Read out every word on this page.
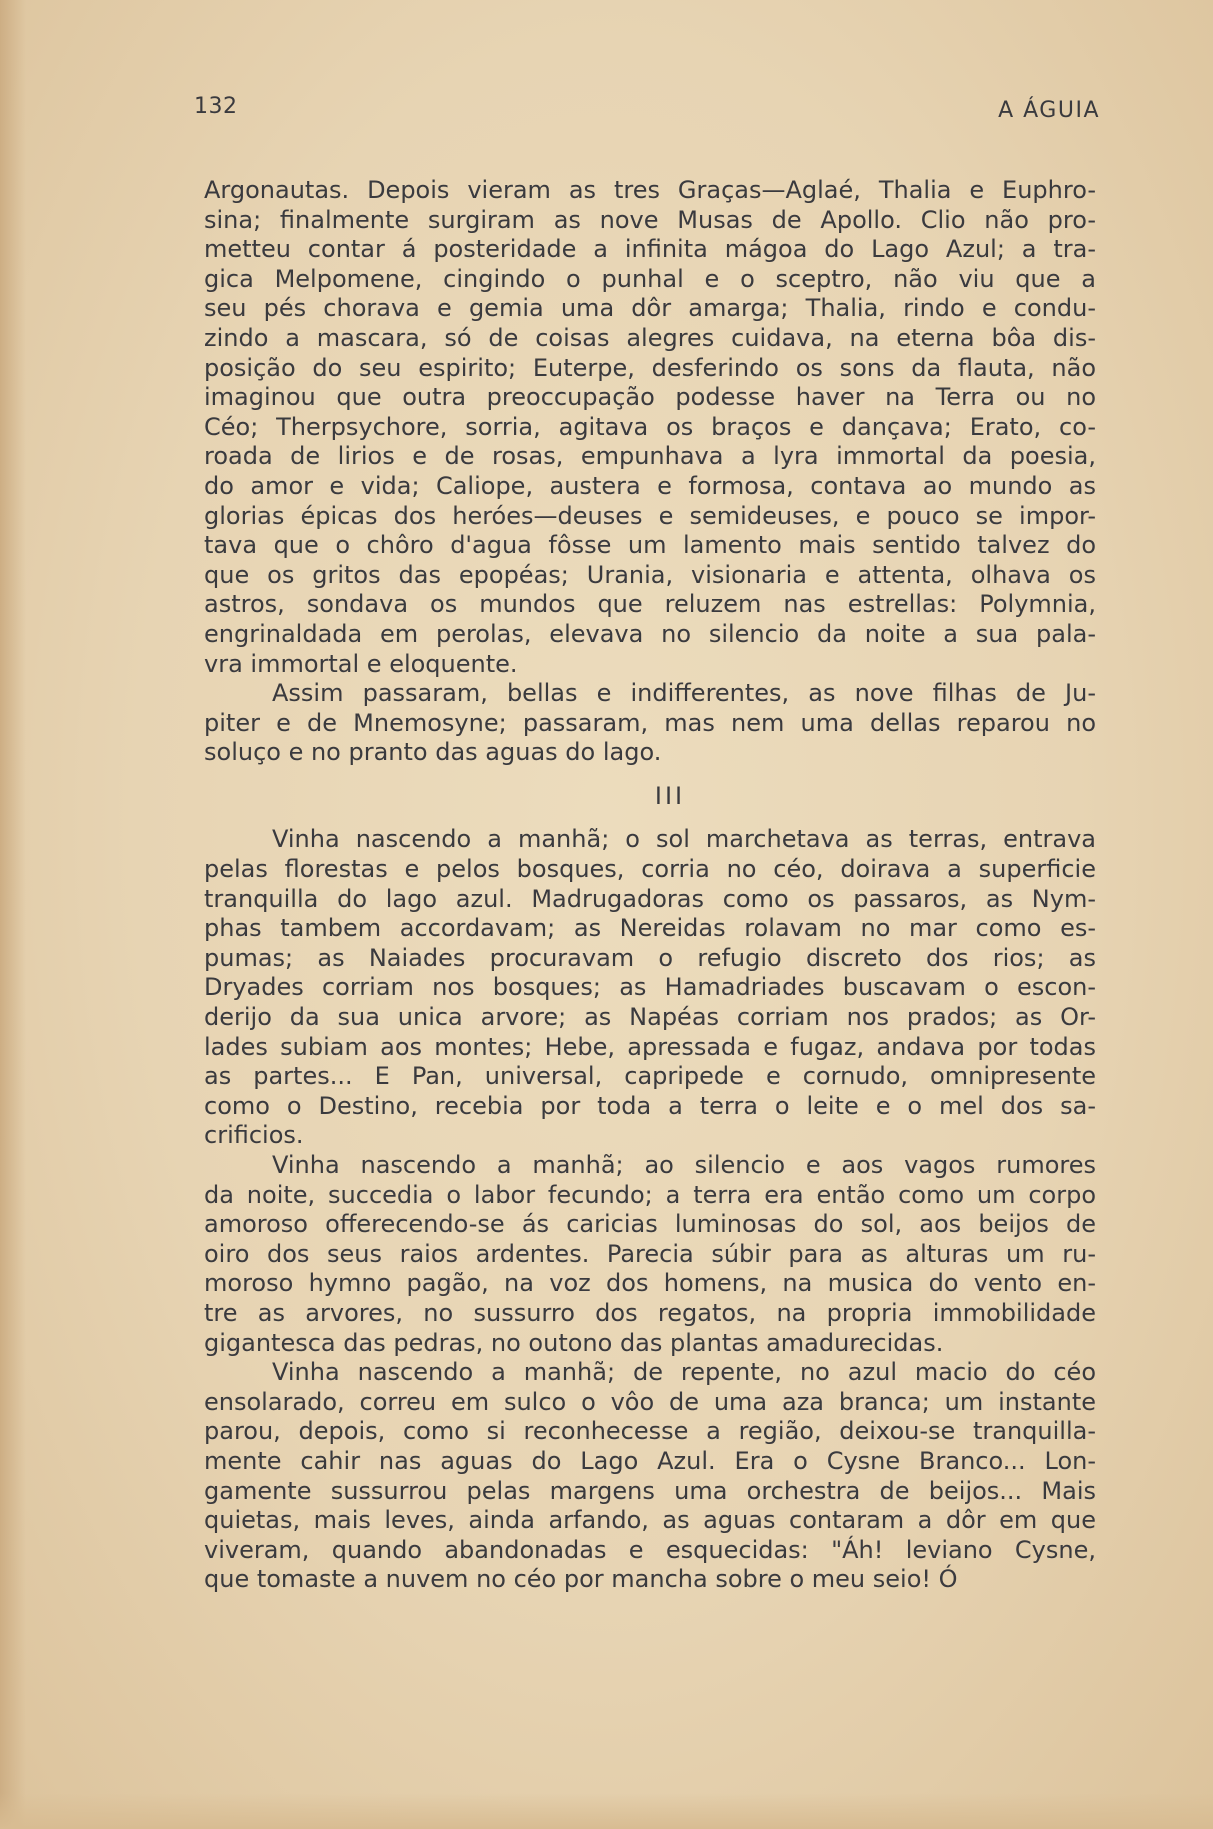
132	A ÁGUIA
Argonautas. Depois vieram as tres Graças—Aglaé, Thalia e Euphro-
sina; finalmente surgiram as nove Musas de Apollo. Clio não pro-
metteu contar á posteridade a infinita mágoa do Lago Azul; a tra-
gica Melpomene, cingindo o punhal e o sceptro, não viu que a
seu pés chorava e gemia uma dôr amarga; Thalia, rindo e condu-
zindo a mascara, só de coisas alegres cuidava, na eterna bôa dis-
posição do seu espirito; Euterpe, desferindo os sons da flauta, não
imaginou que outra preoccupação podesse haver na Terra ou no
Céo; Therpsychore, sorria, agitava os braços e dançava; Erato, co-
roada de lirios e de rosas, empunhava a lyra immortal da poesia,
do amor e vida; Caliope, austera e formosa, contava ao mundo as
glorias épicas dos heróes—deuses e semideuses, e pouco se impor-
tava que o chôro d'agua fôsse um lamento mais sentido talvez do
que os gritos das epopéas; Urania, visionaria e attenta, olhava os
astros, sondava os mundos que reluzem nas estrellas: Polymnia,
engrinaldada em perolas, elevava no silencio da noite a sua pala-
vra immortal e eloquente.
Assim passaram, bellas e indifferentes, as nove filhas de Ju-
piter e de Mnemosyne; passaram, mas nem uma dellas reparou no
soluço e no pranto das aguas do lago.
III
Vinha nascendo a manhã; o sol marchetava as terras, entrava
pelas florestas e pelos bosques, corria no céo, doirava a superficie
tranquilla do lago azul. Madrugadoras como os passaros, as Nym-
phas tambem accordavam; as Nereidas rolavam no mar como es-
pumas; as Naiades procuravam o refugio discreto dos rios; as
Dryades corriam nos bosques; as Hamadriades buscavam o escon-
derijo da sua unica arvore; as Napéas corriam nos prados; as Or-
lades subiam aos montes; Hebe, apressada e fugaz, andava por todas
as partes... E Pan, universal, capripede e cornudo, omnipresente
como o Destino, recebia por toda a terra o leite e o mel dos sa-
crificios.
Vinha nascendo a manhã; ao silencio e aos vagos rumores
da noite, succedia o labor fecundo; a terra era então como um corpo
amoroso offerecendo-se ás caricias luminosas do sol, aos beijos de
oiro dos seus raios ardentes. Parecia súbir para as alturas um ru-
moroso hymno pagão, na voz dos homens, na musica do vento en-
tre as arvores, no sussurro dos regatos, na propria immobilidade
gigantesca das pedras, no outono das plantas amadurecidas.
Vinha nascendo a manhã; de repente, no azul macio do céo
ensolarado, correu em sulco o vôo de uma aza branca; um instante
parou, depois, como si reconhecesse a região, deixou-se tranquilla-
mente cahir nas aguas do Lago Azul. Era o Cysne Branco... Lon-
gamente sussurrou pelas margens uma orchestra de beijos... Mais
quietas, mais leves, ainda arfando, as aguas contaram a dôr em que
viveram, quando abandonadas e esquecidas: "Áh! leviano Cysne,
que tomaste a nuvem no céo por mancha sobre o meu seio! Ó
